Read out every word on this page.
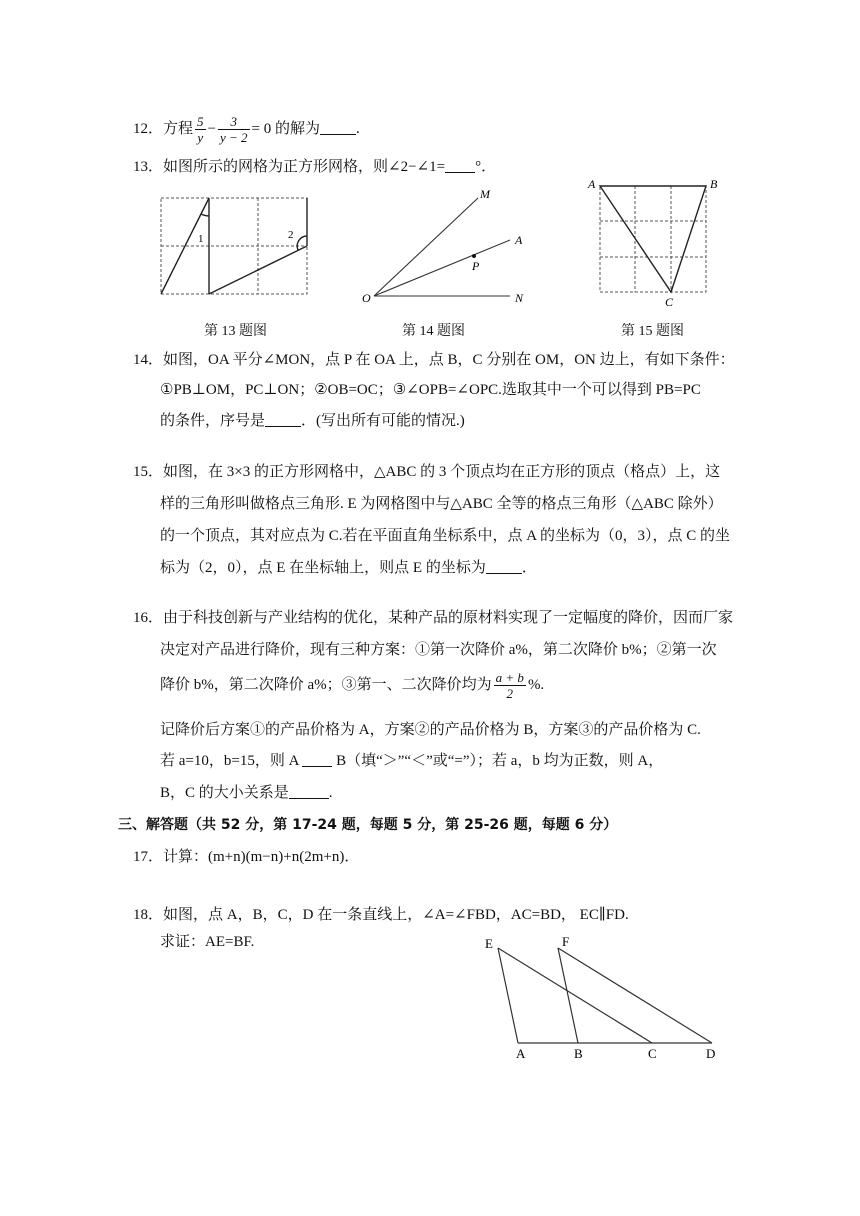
12．方程 $\frac{5}{y} - \frac{3}{y - 2} = 0$ 的解为 .
13．如图所示的网格为正方形网格，则∠2−∠1= °．
1	2
第 13 题图
M
A
P
O	N
第 14 题图
A	B
C
第 15 题图
14．如图，OA 平分∠MON，点 P 在 OA 上，点 B，C 分别在 OM，ON 边上，有如下条件：
①PB⊥OM，PC⊥ON；②OB=OC；③∠OPB=∠OPC.选取其中一个可以得到 PB=PC
的条件，序号是 ．(写出所有可能的情况.)
15．如图，在 3×3 的正方形网格中，△ABC 的 3 个顶点均在正方形的顶点（格点）上，这
样的三角形叫做格点三角形. E 为网格图中与△ABC 全等的格点三角形（△ABC 除外）
的一个顶点，其对应点为 C.若在平面直角坐标系中，点 A 的坐标为（0，3），点 C 的坐
标为（2，0），点 E 在坐标轴上，则点 E 的坐标为 ．
16．由于科技创新与产业结构的优化，某种产品的原材料实现了一定幅度的降价，因而厂家
决定对产品进行降价，现有三种方案：①第一次降价 a%，第二次降价 b%；②第一次
降价 b%，第二次降价 a%；③第一、二次降价均为 $\frac{a + b}{2}$ %.
记降价后方案①的产品价格为 A，方案②的产品价格为 B，方案③的产品价格为 C.
若 a=10，b=15，则 A	B（填“＞”“＜”或“=”）；若 a，b 均为正数，则 A，
B，C 的大小关系是	.
三、解答题（共 52 分，第 17-24 题，每题 5 分，第 25-26 题，每题 6 分）
17．计算：(m+n)(m−n)+n(2m+n)．
18．如图，点 A，B，C，D 在一条直线上，∠A=∠FBD，AC=BD， EC∥FD.
求证：AE=BF.	E	F
A	B	C	D
